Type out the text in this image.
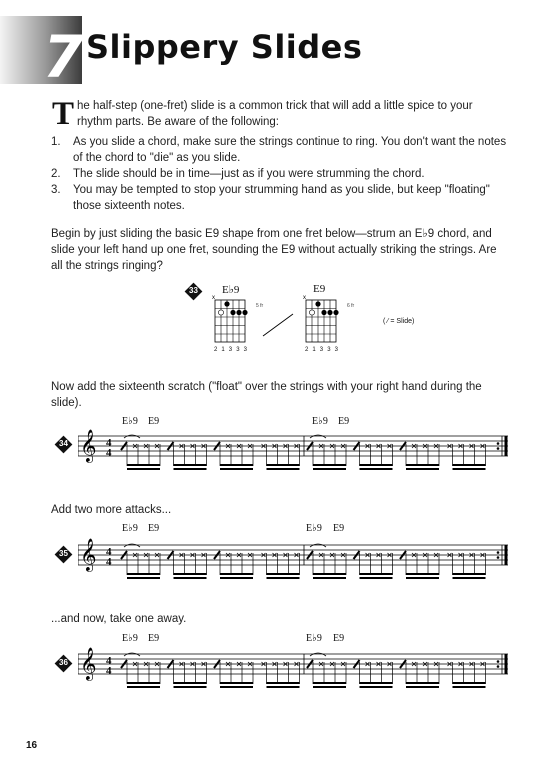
7 Slippery Slides
T he half-step (one-fret) slide is a common trick that will add a little spice to your
rhythm parts. Be aware of the following:
1. As you slide a chord, make sure the strings continue to ring. You don't want the notes
of the chord to "die" as you slide.
2. The slide should be in time—just as if you were strumming the chord.
3. You may be tempted to stop your strumming hand as you slide, but keep "floating"
those sixteenth notes.
Begin by just sliding the basic E9 shape from one fret below—strum an E♭9 chord, and
slide your left hand up one fret, sounding the E9 without actually striking the strings. Are
all the strings ringing?
33	E♭9	E9
x	x
5 fr	6 fr
2 1 3 3 3	2 1 3 3 3
( ⁄ = Slide)
Now add the sixteenth scratch ("float" over the strings with your right hand during the
slide).
34
E♭9 E9	E♭9 E9
𝄞 4
4
Add two more attacks...
35
E♭9 E9	E♭9 E9
𝄞 4
4
...and now, take one away.
36
E♭9 E9	E♭9 E9
𝄞 4
4
16
